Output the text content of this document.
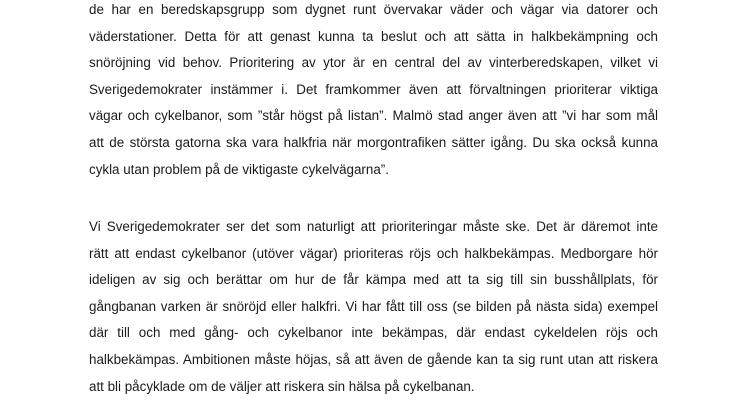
de har en beredskapsgrupp som dygnet runt övervakar väder och vägar via datorer och
väderstationer. Detta för att genast kunna ta beslut och att sätta in halkbekämpning och
snöröjning vid behov. Prioritering av ytor är en central del av vinterberedskapen, vilket vi
Sverigedemokrater instämmer i. Det framkommer även att förvaltningen prioriterar viktiga
vägar och cykelbanor, som ”står högst på listan”. Malmö stad anger även att ”vi har som mål
att de största gatorna ska vara halkfria när morgontrafiken sätter igång. Du ska också kunna
cykla utan problem på de viktigaste cykelvägarna”.
Vi Sverigedemokrater ser det som naturligt att prioriteringar måste ske. Det är däremot inte
rätt att endast cykelbanor (utöver vägar) prioriteras röjs och halkbekämpas. Medborgare hör
ideligen av sig och berättar om hur de får kämpa med att ta sig till sin busshållplats, för
gångbanan varken är snöröjd eller halkfri. Vi har fått till oss (se bilden på nästa sida) exempel
där till och med gång- och cykelbanor inte bekämpas, där endast cykeldelen röjs och
halkbekämpas. Ambitionen måste höjas, så att även de gående kan ta sig runt utan att riskera
att bli påcyklade om de väljer att riskera sin hälsa på cykelbanan.
